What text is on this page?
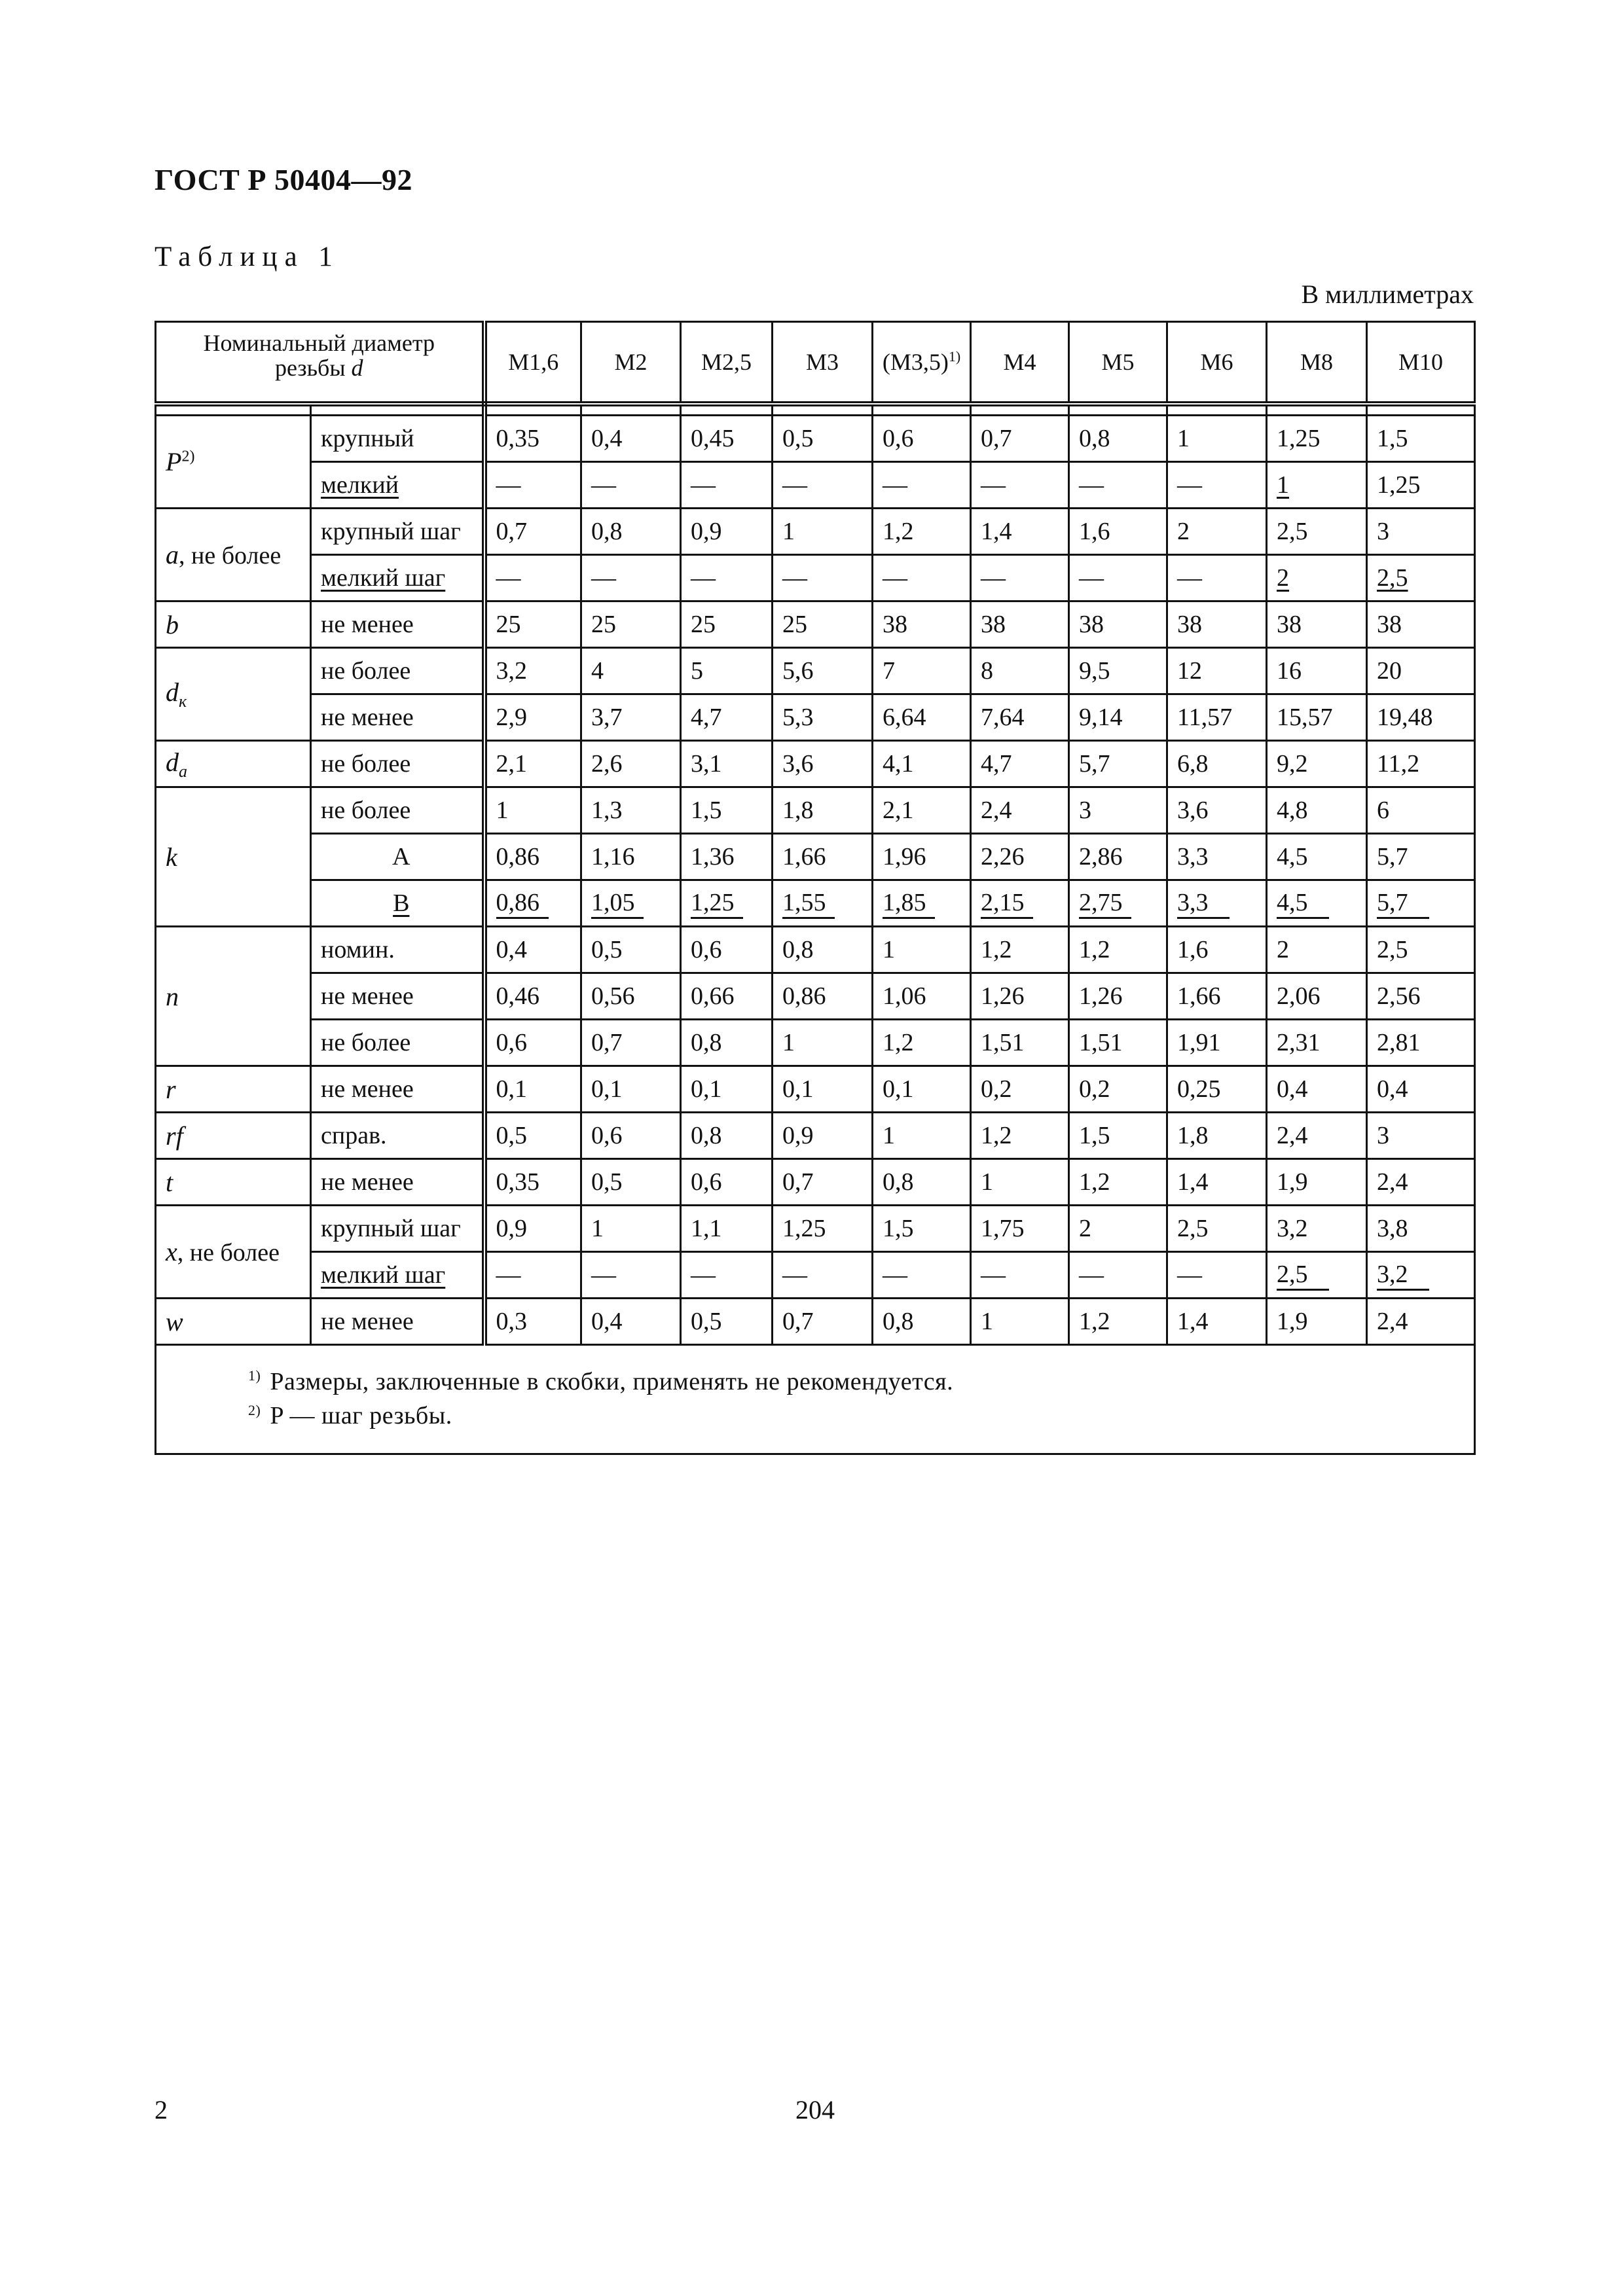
ГОСТ Р 50404—92
Таблица 1
В миллиметрах
Номинальный диаметр
резьбы d		M1,6	M2	M2,5	M3	$(M3,5)^{1)}$	M4	M5	M6	M8	M10

$P^{2)}$	крупный	0,35	0,4	0,45	0,5	0,6	0,7	0,8	1	1,25	1,5
	мелкий	—	—	—	—	—	—	—	—	1	1,25
a, не более	крупный шаг	0,7	0,8	0,9	1	1,2	1,4	1,6	2	2,5	3
	мелкий шаг	—	—	—	—	—	—	—	—	2	2,5
b	не менее	25	25	25	25	38	38	38	38	38	38
$d_к$	не более	3,2	4	5	5,6	7	8	9,5	12	16	20
	не менее	2,9	3,7	4,7	5,3	6,64	7,64	9,14	11,57	15,57	19,48
$d_a$	не более	2,1	2,6	3,1	3,6	4,1	4,7	5,7	6,8	9,2	11,2
k	не более	1	1,3	1,5	1,8	2,1	2,4	3	3,6	4,8	6
	A	0,86	1,16	1,36	1,66	1,96	2,26	2,86	3,3	4,5	5,7
	B	0,86	1,05	1,25	1,55	1,85	2,15	2,75	3,3	4,5	5,7
n	номин.	0,4	0,5	0,6	0,8	1	1,2	1,2	1,6	2	2,5
	не менее	0,46	0,56	0,66	0,86	1,06	1,26	1,26	1,66	2,06	2,56
	не более	0,6	0,7	0,8	1	1,2	1,51	1,51	1,91	2,31	2,81
r	не менее	0,1	0,1	0,1	0,1	0,1	0,2	0,2	0,25	0,4	0,4
rf	справ.	0,5	0,6	0,8	0,9	1	1,2	1,5	1,8	2,4	3
t	не менее	0,35	0,5	0,6	0,7	0,8	1	1,2	1,4	1,9	2,4
x, не более	крупный шаг	0,9	1	1,1	1,25	1,5	1,75	2	2,5	3,2	3,8
	мелкий шаг	—	—	—	—	—	—	—	—	2,5	3,2
w	не менее	0,3	0,4	0,5	0,7	0,8	1	1,2	1,4	1,9	2,4

$^{1)}$ Размеры, заключенные в скобки, применять не рекомендуется.
$^{2)}$ P — шаг резьбы.											
2	204
